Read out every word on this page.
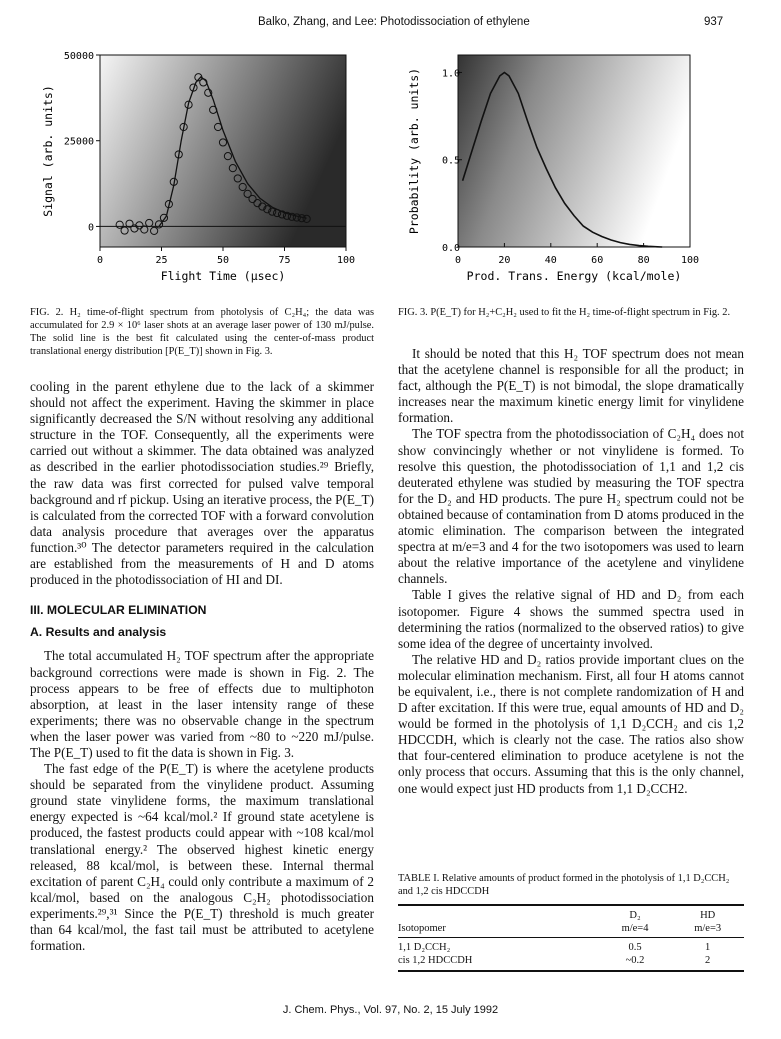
Balko, Zhang, and Lee: Photodissociation of ethylene	937
0
25000
50000
0	25	50	75	100
Flight Time (μsec)
Signal (arb. units)
0.0
0.5
1.0
0	20	40	60	80	100
Prod. Trans. Energy (kcal/mole)
Probability (arb. units)
FIG. 2. H₂ time-of-flight spectrum from photolysis of C₂H₄; the data was accumulated for 2.9 × 10⁶ laser shots at an average laser power of 130 mJ/pulse. The solid line is the best fit calculated using the center-of-mass product translational energy distribution [P(E_T)] shown in Fig. 3.
FIG. 3. P(E_T) for H₂+C₂H₂ used to fit the H₂ time-of-flight spectrum in Fig. 2.

cooling in the parent ethylene due to the lack of a skimmer should not affect the experiment. Having the skimmer in place significantly decreased the S/N without resolving any additional structure in the TOF. Consequently, all the experiments were carried out without a skimmer. The data obtained was analyzed as described in the earlier photodissociation studies.²⁹ Briefly, the raw data was first corrected for pulsed valve temporal background and rf pickup. Using an iterative process, the P(E_T) is calculated from the corrected TOF with a forward convolution data analysis procedure that averages over the apparatus function.³⁰ The detector parameters required in the calculation are established from the measurements of H and D atoms produced in the photodissociation of HI and DI.

III. MOLECULAR ELIMINATION
A. Results and analysis

The total accumulated H₂ TOF spectrum after the appropriate background corrections were made is shown in Fig. 2. The process appears to be free of effects due to multiphoton absorption, at least in the laser intensity range of these experiments; there was no observable change in the spectrum when the laser power was varied from ~80 to ~220 mJ/pulse. The P(E_T) used to fit the data is shown in Fig. 3.

The fast edge of the P(E_T) is where the acetylene products should be separated from the vinylidene product. Assuming ground state vinylidene forms, the maximum translational energy expected is ~64 kcal/mol.² If ground state acetylene is produced, the fastest products could appear with ~108 kcal/mol translational energy.² The observed highest kinetic energy released, 88 kcal/mol, is between these. Internal thermal excitation of parent C₂H₄ could only contribute a maximum of 2 kcal/mol, based on the analogous C₂H₂ photodissociation experiments.²⁹,³¹ Since the P(E_T) threshold is much greater than 64 kcal/mol, the fast tail must be attributed to acetylene formation.

It should be noted that this H₂ TOF spectrum does not mean that the acetylene channel is responsible for all the product; in fact, although the P(E_T) is not bimodal, the slope dramatically increases near the maximum kinetic energy limit for vinylidene formation.

The TOF spectra from the photodissociation of C₂H₄ does not show convincingly whether or not vinylidene is formed. To resolve this question, the photodissociation of 1,1 and 1,2 cis deuterated ethylene was studied by measuring the TOF spectra for the D₂ and HD products. The pure H₂ spectrum could not be obtained because of contamination from D atoms produced in the atomic elimination. The comparison between the integrated spectra at m/e=3 and 4 for the two isotopomers was used to learn about the relative importance of the acetylene and vinylidene channels.

Table I gives the relative signal of HD and D₂ from each isotopomer. Figure 4 shows the summed spectra used in determining the ratios (normalized to the observed ratios) to give some idea of the degree of uncertainty involved.

The relative HD and D₂ ratios provide important clues on the molecular elimination mechanism. First, all four H atoms cannot be equivalent, i.e., there is not complete randomization of H and D after excitation. If this were true, equal amounts of HD and D₂ would be formed in the photolysis of 1,1 D₂CCH₂ and cis 1,2 HDCCDH, which is clearly not the case. The ratios also show that four-centered elimination to produce acetylene is not the only process that occurs. Assuming that this is the only channel, one would expect just HD products from 1,1 D₂CCH2.

TABLE I. Relative amounts of product formed in the photolysis of 1,1 D₂CCH₂ and 1,2 cis HDCCDH
	D₂	HD
Isotopomer	m/e=4	m/e=3
1,1 D₂CCH₂	0.5	1
cis 1,2 HDCCDH	~0.2	2

J. Chem. Phys., Vol. 97, No. 2, 15 July 1992
